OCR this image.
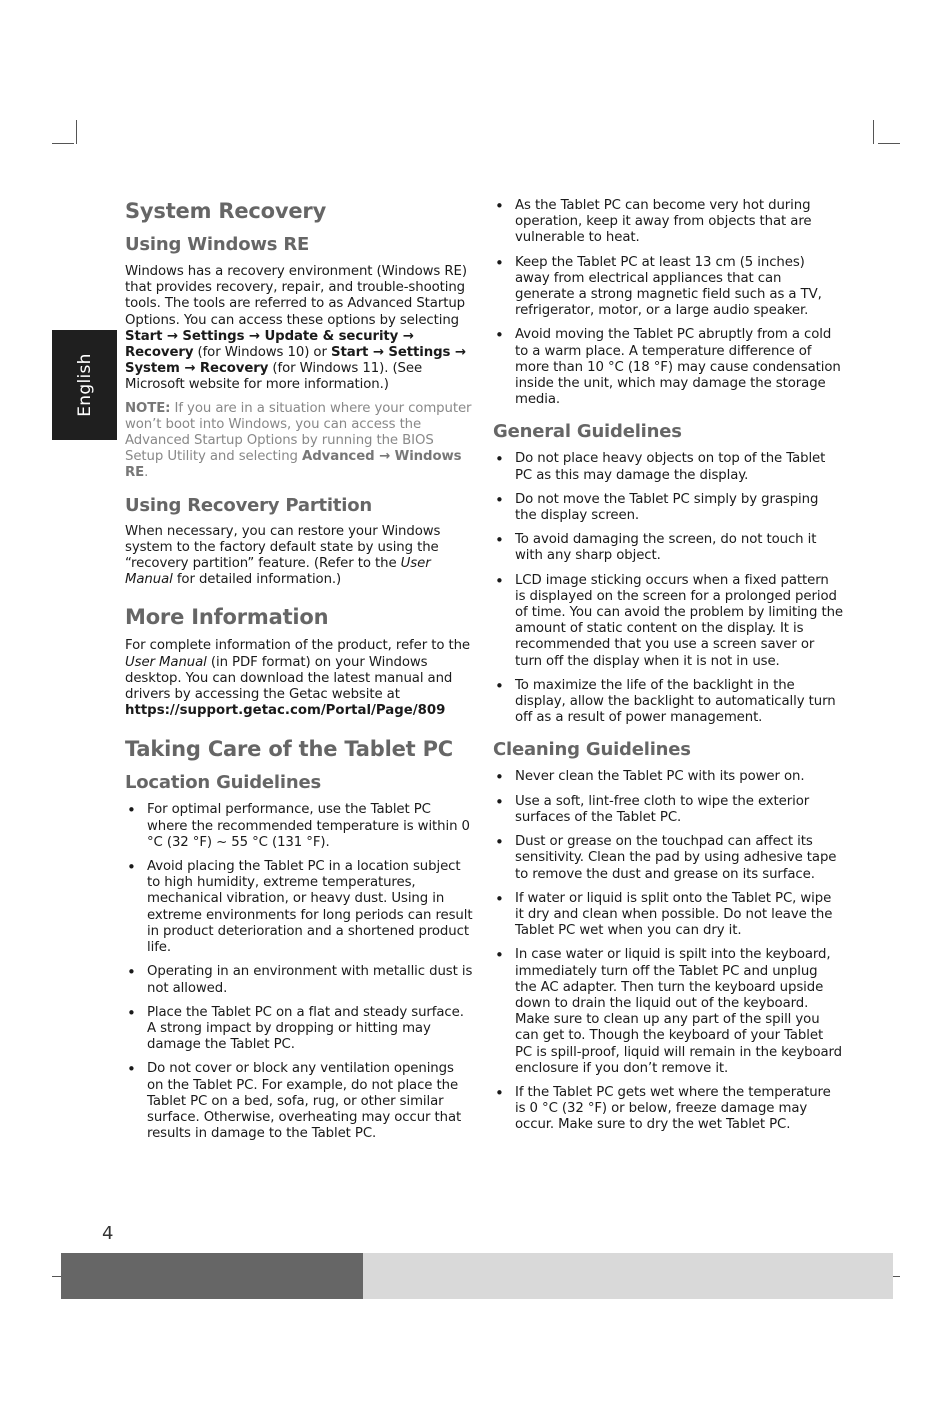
English
System Recovery
Using Windows RE

Windows has a recovery environment (Windows RE) that provides recovery, repair, and trouble-shooting tools. The tools are referred to as Advanced Startup Options. You can access these options by selecting Start → Settings → Update & security → Recovery (for Windows 10) or Start → Settings → System → Recovery (for Windows 11). (See Microsoft website for more information.)

NOTE: If you are in a situation where your computer won’t boot into Windows, you can access the Advanced Startup Options by running the BIOS Setup Utility and selecting Advanced → Windows RE.

Using Recovery Partition

When necessary, you can restore your Windows system to the factory default state by using the “recovery partition” feature. (Refer to the User Manual for detailed information.)

More Information

For complete information of the product, refer to the User Manual (in PDF format) on your Windows desktop. You can download the latest manual and drivers by accessing the Getac website at

https://support.getac.com/Portal/Page/809
Taking Care of the Tablet PC
Location Guidelines
• For optimal performance, use the Tablet PC where the recommended temperature is within 0 °C (32 °F) ~ 55 °C (131 °F).
• Avoid placing the Tablet PC in a location subject to high humidity, extreme temperatures, mechanical vibration, or heavy dust. Using in extreme environments for long periods can result in product deterioration and a shortened product life.
• Operating in an environment with metallic dust is not allowed.
• Place the Tablet PC on a flat and steady surface. A strong impact by dropping or hitting may damage the Tablet PC.
• Do not cover or block any ventilation openings on the Tablet PC. For example, do not place the Tablet PC on a bed, sofa, rug, or other similar surface. Otherwise, overheating may occur that results in damage to the Tablet PC.
• As the Tablet PC can become very hot during operation, keep it away from objects that are vulnerable to heat.
• Keep the Tablet PC at least 13 cm (5 inches) away from electrical appliances that can generate a strong magnetic field such as a TV, refrigerator, motor, or a large audio speaker.
• Avoid moving the Tablet PC abruptly from a cold to a warm place. A temperature difference of more than 10 °C (18 °F) may cause condensation inside the unit, which may damage the storage media.
General Guidelines
• Do not place heavy objects on top of the Tablet PC as this may damage the display.
• Do not move the Tablet PC simply by grasping the display screen.
• To avoid damaging the screen, do not touch it with any sharp object.
• LCD image sticking occurs when a fixed pattern is displayed on the screen for a prolonged period of time. You can avoid the problem by limiting the amount of static content on the display. It is recommended that you use a screen saver or turn off the display when it is not in use.
• To maximize the life of the backlight in the display, allow the backlight to automatically turn off as a result of power management.
Cleaning Guidelines
• Never clean the Tablet PC with its power on.
• Use a soft, lint-free cloth to wipe the exterior surfaces of the Tablet PC.
• Dust or grease on the touchpad can affect its sensitivity. Clean the pad by using adhesive tape to remove the dust and grease on its surface.
• If water or liquid is split onto the Tablet PC, wipe it dry and clean when possible. Do not leave the Tablet PC wet when you can dry it.
• In case water or liquid is spilt into the keyboard, immediately turn off the Tablet PC and unplug the AC adapter. Then turn the keyboard upside down to drain the liquid out of the keyboard. Make sure to clean up any part of the spill you can get to. Though the keyboard of your Tablet PC is spill-proof, liquid will remain in the keyboard enclosure if you don’t remove it.
• If the Tablet PC gets wet where the temperature is 0 °C (32 °F) or below, freeze damage may occur. Make sure to dry the wet Tablet PC.
4
